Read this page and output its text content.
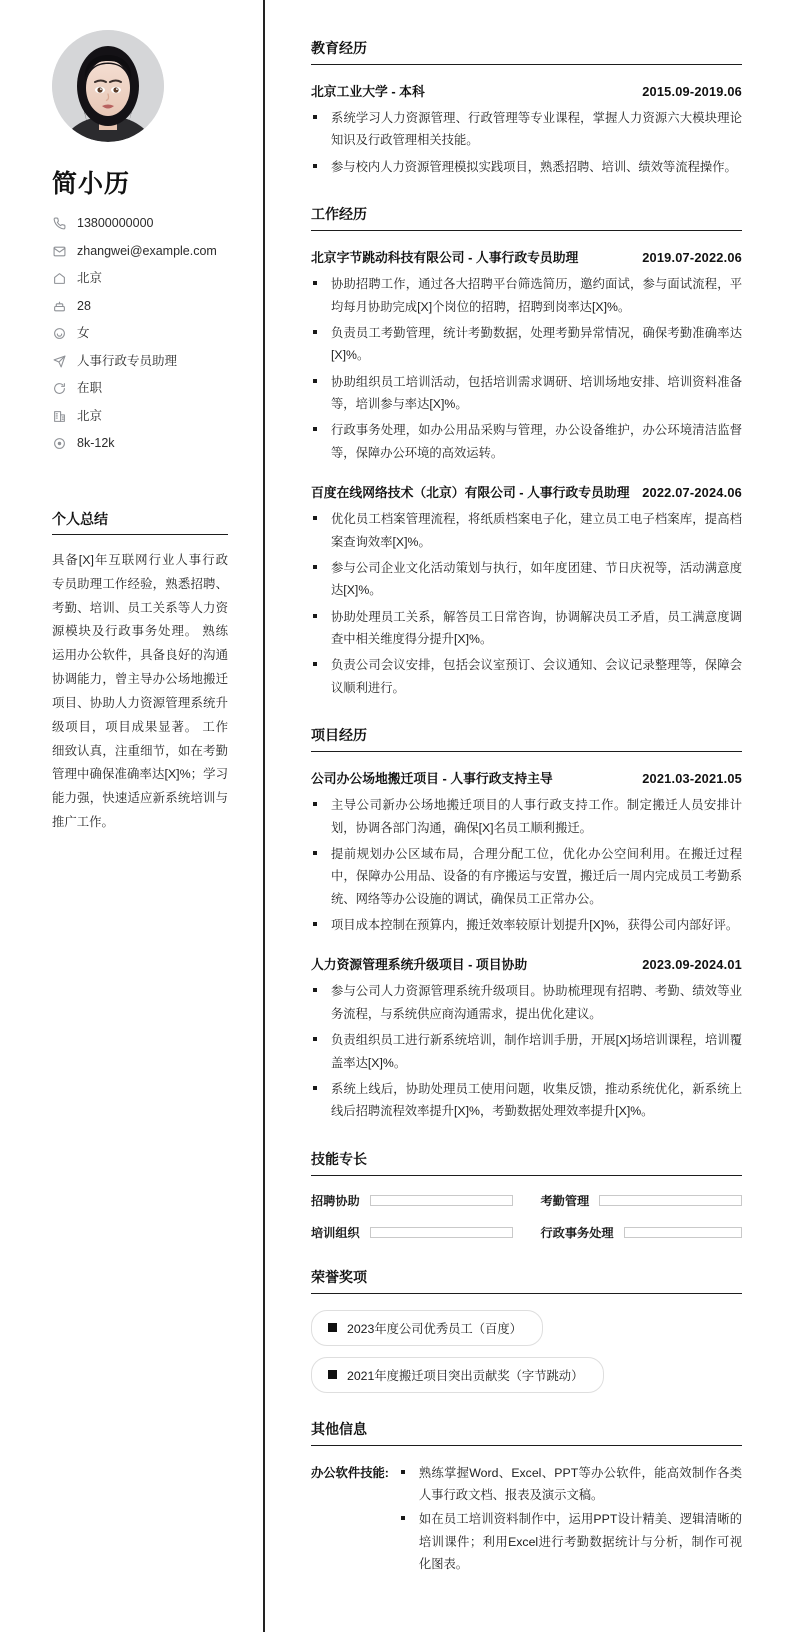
简小历
13800000000
zhangwei@example.com
北京
28
女
人事行政专员助理
在职
北京
8k-12k
个人总结

具备[X]年互联网行业人事行政专员助理工作经验，熟悉招聘、考勤、培训、员工关系等人力资源模块及行政事务处理。 熟练运用办公软件，具备良好的沟通协调能力，曾主导办公场地搬迁项目、协助人力资源管理系统升级项目，项目成果显著。 工作细致认真，注重细节，如在考勤管理中确保准确率达[X]%；学习能力强，快速适应新系统培训与推广工作。

教育经历
北京工业大学 - 本科	2015.09-2019.06
系统学习人力资源管理、行政管理等专业课程，掌握人力资源六大模块理论知识及行政管理相关技能。
参与校内人力资源管理模拟实践项目，熟悉招聘、培训、绩效等流程操作。
工作经历
北京字节跳动科技有限公司 - 人事行政专员助理	2019.07-2022.06
协助招聘工作，通过各大招聘平台筛选简历，邀约面试，参与面试流程，平均每月协助完成[X]个岗位的招聘，招聘到岗率达[X]%。
负责员工考勤管理，统计考勤数据，处理考勤异常情况，确保考勤准确率达[X]%。
协助组织员工培训活动，包括培训需求调研、培训场地安排、培训资料准备等，培训参与率达[X]%。
行政事务处理，如办公用品采购与管理，办公设备维护，办公环境清洁监督等，保障办公环境的高效运转。
百度在线网络技术（北京）有限公司 - 人事行政专员助理 2022.07-2024.06
优化员工档案管理流程，将纸质档案电子化，建立员工电子档案库，提高档案查询效率[X]%。
参与公司企业文化活动策划与执行，如年度团建、节日庆祝等，活动满意度达[X]%。
协助处理员工关系，解答员工日常咨询，协调解决员工矛盾，员工满意度调查中相关维度得分提升[X]%。
负责公司会议安排，包括会议室预订、会议通知、会议记录整理等，保障会议顺利进行。
项目经历
公司办公场地搬迁项目 - 人事行政支持主导	2021.03-2021.05
主导公司新办公场地搬迁项目的人事行政支持工作。制定搬迁人员安排计划，协调各部门沟通，确保[X]名员工顺利搬迁。
提前规划办公区域布局，合理分配工位，优化办公空间利用。在搬迁过程中，保障办公用品、设备的有序搬运与安置，搬迁后一周内完成员工考勤系统、网络等办公设施的调试，确保员工正常办公。
项目成本控制在预算内，搬迁效率较原计划提升[X]%，获得公司内部好评。
人力资源管理系统升级项目 - 项目协助	2023.09-2024.01
参与公司人力资源管理系统升级项目。协助梳理现有招聘、考勤、绩效等业务流程，与系统供应商沟通需求，提出优化建议。
负责组织员工进行新系统培训，制作培训手册，开展[X]场培训课程，培训覆盖率达[X]%。
系统上线后，协助处理员工使用问题，收集反馈，推动系统优化，新系统上线后招聘流程效率提升[X]%，考勤数据处理效率提升[X]%。
技能专长
招聘协助	考勤管理
培训组织	行政事务处理
荣誉奖项
2023年度公司优秀员工（百度）
2021年度搬迁项目突出贡献奖（字节跳动）
其他信息
办公软件技能:	熟练掌握Word、Excel、PPT等办公软件，能高效制作各类人事行政文档、报表及演示文稿。
如在员工培训资料制作中，运用PPT设计精美、逻辑清晰的培训课件；利用Excel进行考勤数据统计与分析，制作可视化图表。
